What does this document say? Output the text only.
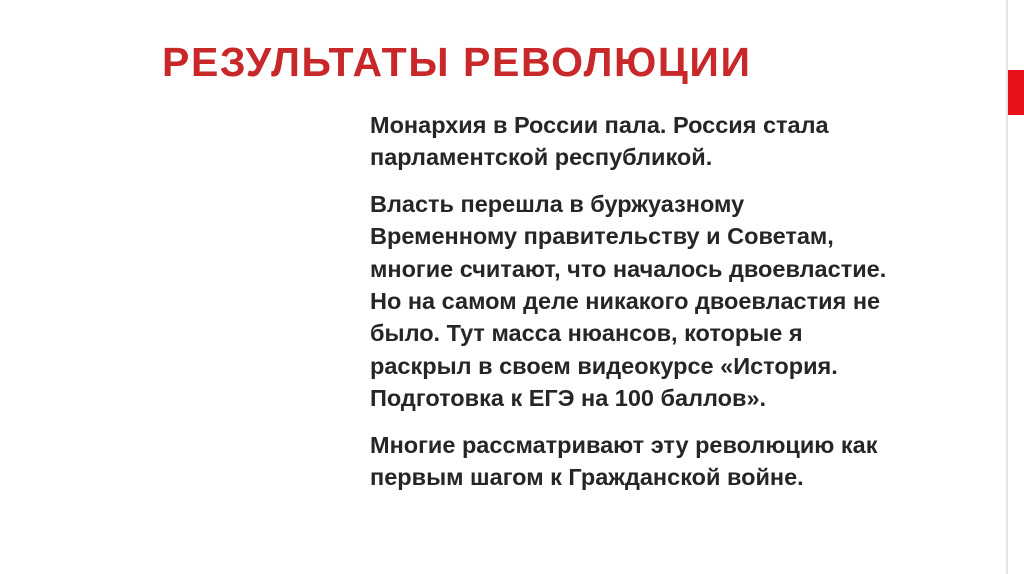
РЕЗУЛЬТАТЫ РЕВОЛЮЦИИ

Монархия в России пала. Россия стала
парламентской республикой.

Власть перешла в буржуазному
Временному правительству и Советам,
многие считают, что началось двоевластие.
Но на самом деле никакого двоевластия не
было. Тут масса нюансов, которые я
раскрыл в своем видеокурсе «История.
Подготовка к ЕГЭ на 100 баллов».

Многие рассматривают эту революцию как
первым шагом к Гражданской войне.
